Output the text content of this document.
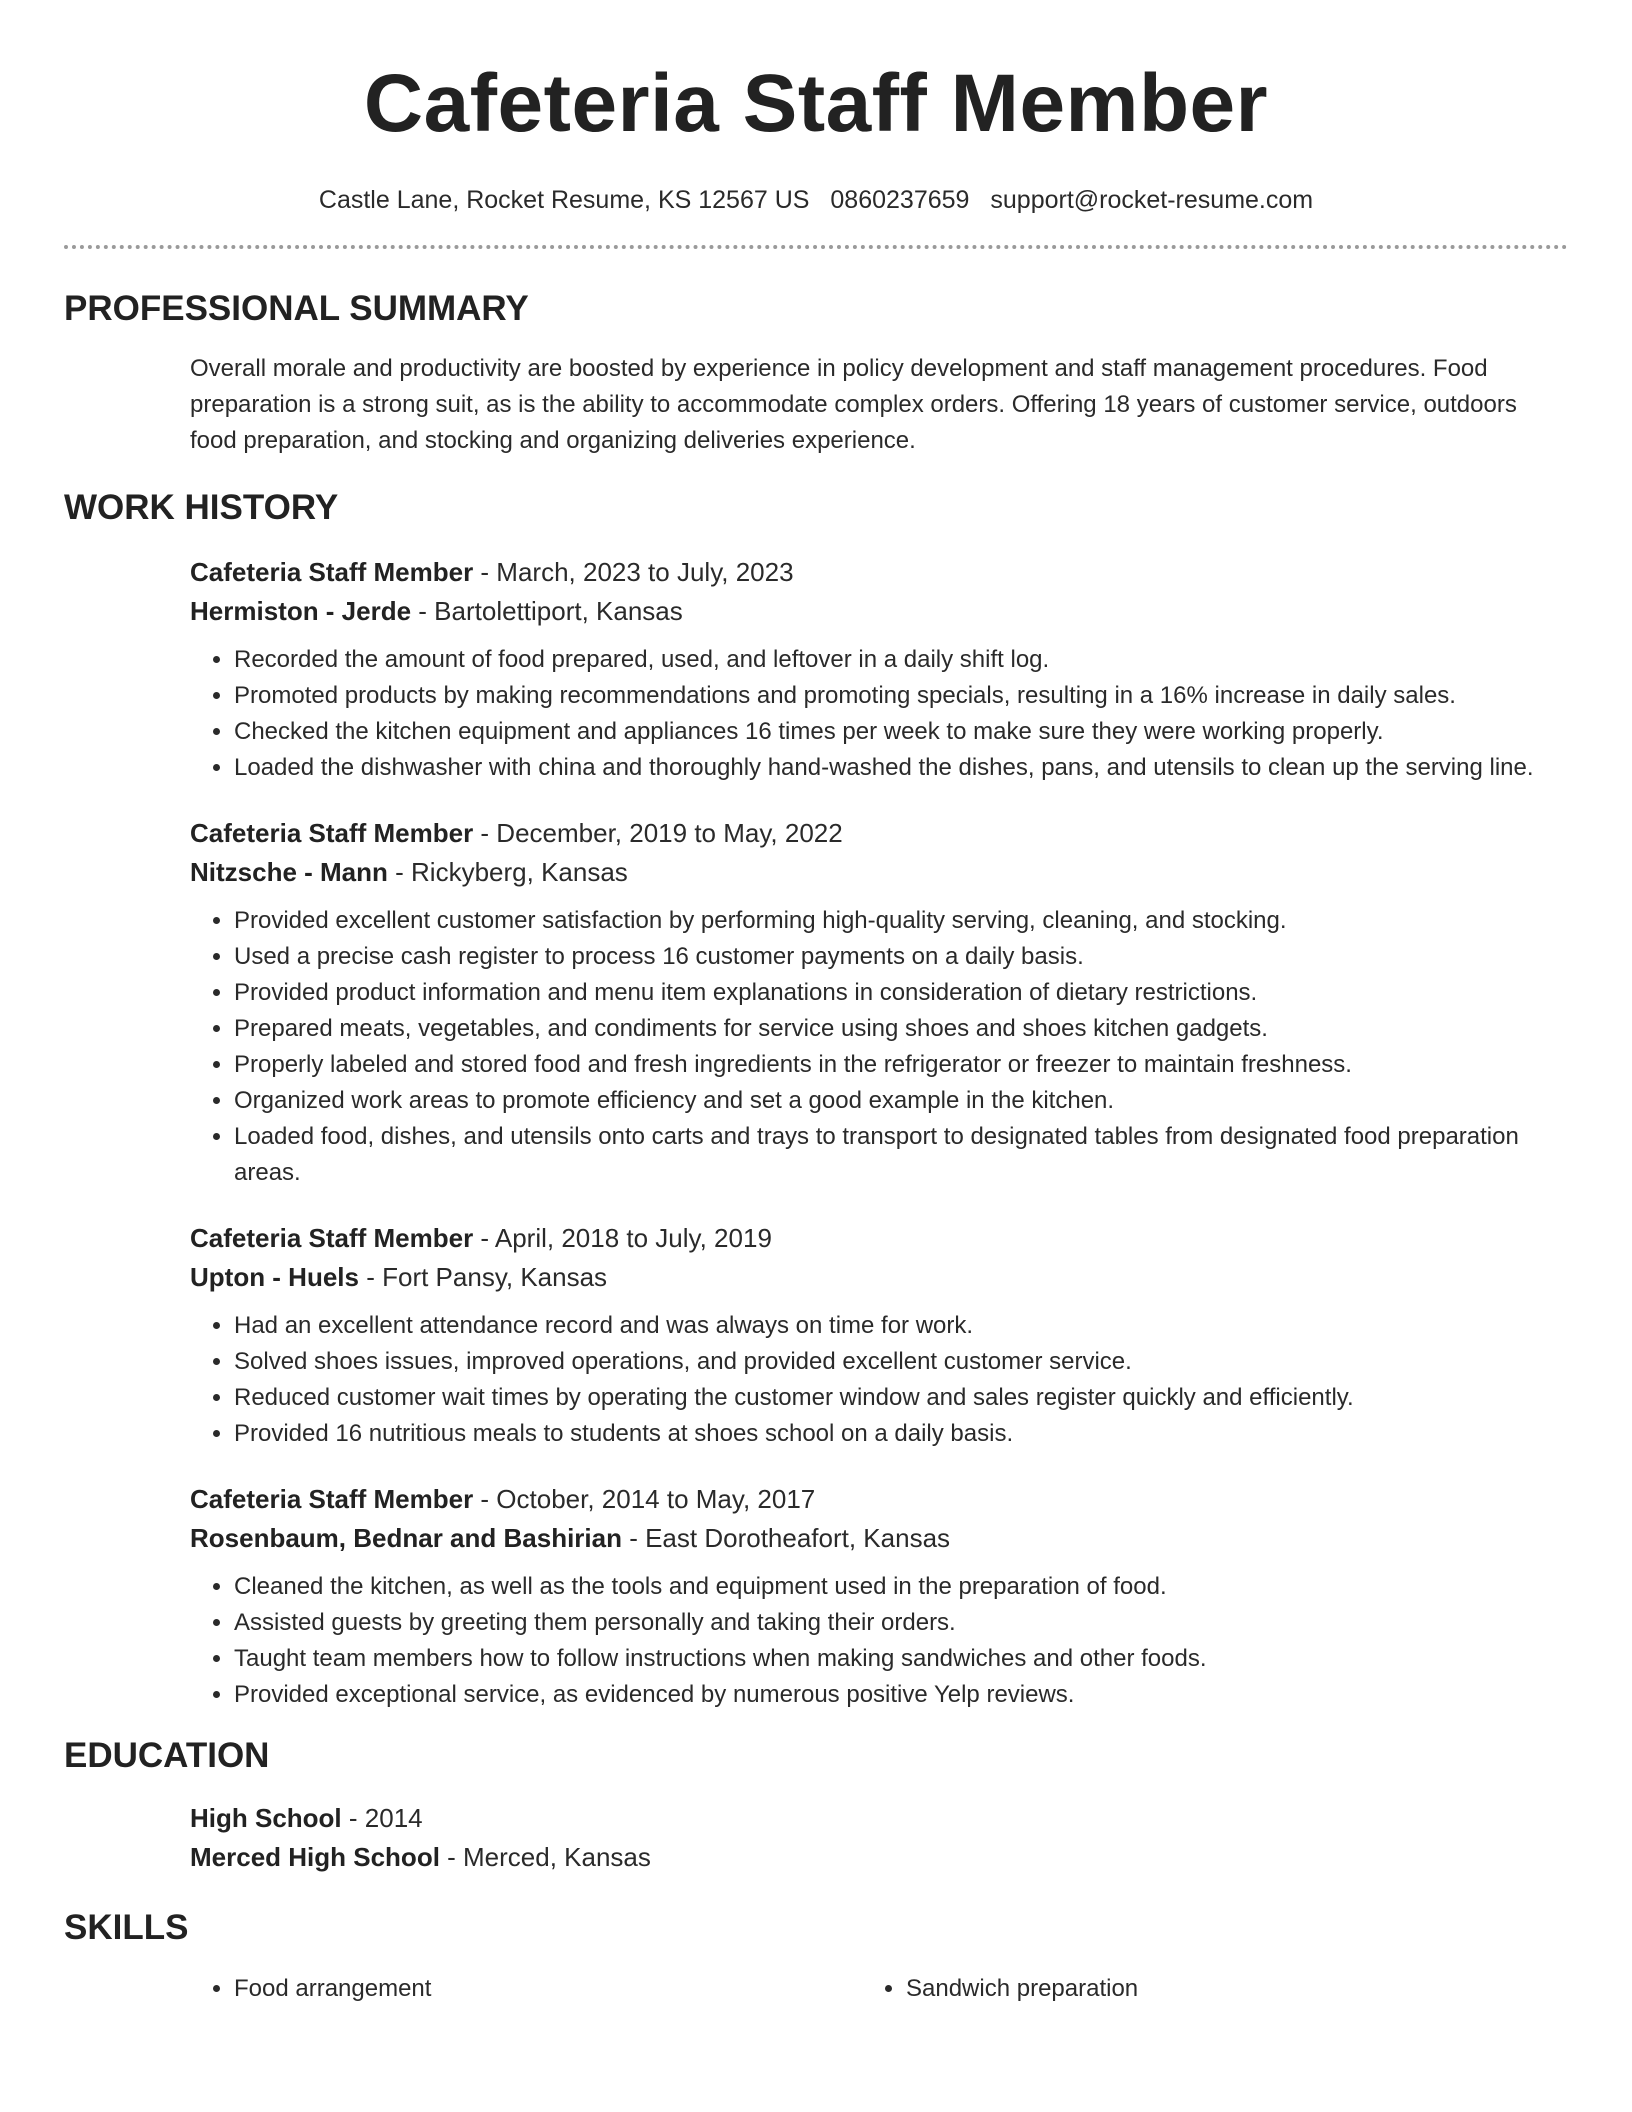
Cafeteria Staff Member
Castle Lane, Rocket Resume, KS 12567 US 0860237659 support@rocket-resume.com
PROFESSIONAL SUMMARY

Overall morale and productivity are boosted by experience in policy development and staff management procedures. Food preparation is a strong suit, as is the ability to accommodate complex orders. Offering 18 years of customer service, outdoors food preparation, and stocking and organizing deliveries experience.

WORK HISTORY
Cafeteria Staff Member - March, 2023 to July, 2023
Hermiston - Jerde - Bartolettiport, Kansas
• Recorded the amount of food prepared, used, and leftover in a daily shift log.
• Promoted products by making recommendations and promoting specials, resulting in a 16% increase in daily sales.
• Checked the kitchen equipment and appliances 16 times per week to make sure they were working properly.
• Loaded the dishwasher with china and thoroughly hand-washed the dishes, pans, and utensils to clean up the serving line.
Cafeteria Staff Member - December, 2019 to May, 2022
Nitzsche - Mann - Rickyberg, Kansas
• Provided excellent customer satisfaction by performing high-quality serving, cleaning, and stocking.
• Used a precise cash register to process 16 customer payments on a daily basis.
• Provided product information and menu item explanations in consideration of dietary restrictions.
• Prepared meats, vegetables, and condiments for service using shoes and shoes kitchen gadgets.
• Properly labeled and stored food and fresh ingredients in the refrigerator or freezer to maintain freshness.
• Organized work areas to promote efficiency and set a good example in the kitchen.
• Loaded food, dishes, and utensils onto carts and trays to transport to designated tables from designated food preparation areas.
Cafeteria Staff Member - April, 2018 to July, 2019
Upton - Huels - Fort Pansy, Kansas
• Had an excellent attendance record and was always on time for work.
• Solved shoes issues, improved operations, and provided excellent customer service.
• Reduced customer wait times by operating the customer window and sales register quickly and efficiently.
• Provided 16 nutritious meals to students at shoes school on a daily basis.
Cafeteria Staff Member - October, 2014 to May, 2017
Rosenbaum, Bednar and Bashirian - East Dorotheafort, Kansas
• Cleaned the kitchen, as well as the tools and equipment used in the preparation of food.
• Assisted guests by greeting them personally and taking their orders.
• Taught team members how to follow instructions when making sandwiches and other foods.
• Provided exceptional service, as evidenced by numerous positive Yelp reviews.
EDUCATION
High School - 2014
Merced High School - Merced, Kansas
SKILLS
• Food arrangement
•	Sandwich preparation
